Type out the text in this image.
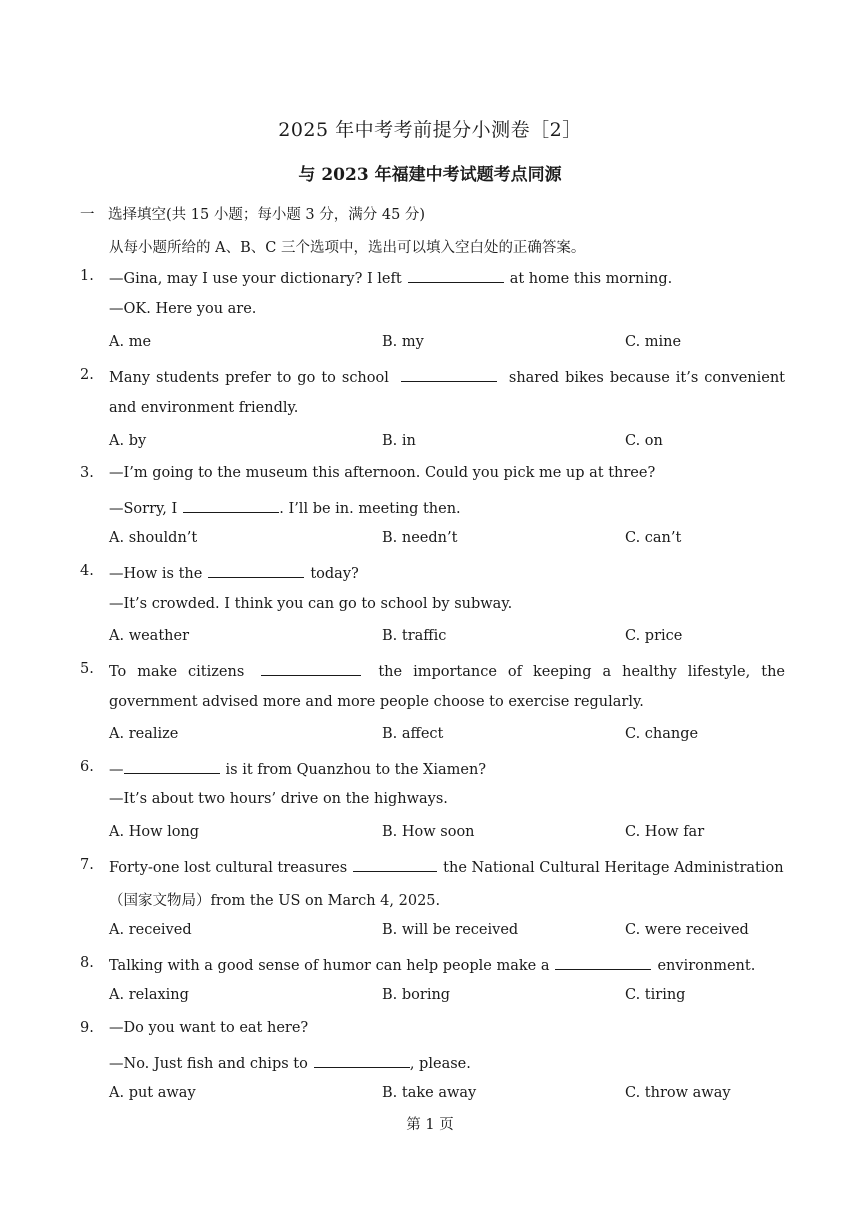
2025 年中考考前提分小测卷［2］
与 2023 年福建中考试题考点同源
一 选择填空(共 15 小题；每小题 3 分，满分 45 分)
从每小题所给的 A、B、C 三个选项中，选出可以填入空白处的正确答案。
1. —Gina, may I use your dictionary? I left	at home this morning.
—OK. Here you are.
A. me	B. my	C. mine
2. Many students prefer to go to school	shared bikes because it’s convenient
and environment friendly.
A. by	B. in	C. on
3. —I’m going to the museum this afternoon. Could you pick me up at three?
—Sorry, I	. I’ll be in. meeting then.
A. shouldn’t	B. needn’t	C. can’t
4. —How is the	today?
—It’s crowded. I think you can go to school by subway.
A. weather	B. traffic	C. price
5. To make citizens	the importance of keeping a healthy lifestyle, the
government advised more and more people choose to exercise regularly.
A. realize	B. affect	C. change
6. —	is it from Quanzhou to the Xiamen?
—It’s about two hours’ drive on the highways.
A. How long	B. How soon	C. How far
7. Forty-one lost cultural treasures	the National Cultural Heritage Administration
（国家文物局）from the US on March 4, 2025.
A. received	B. will be received	C. were received
8. Talking with a good sense of humor can help people make a	environment.
A. relaxing	B. boring	C. tiring
9. —Do you want to eat here?
—No. Just fish and chips to	, please.
A. put away	B. take away	C. throw away
第 1 页
